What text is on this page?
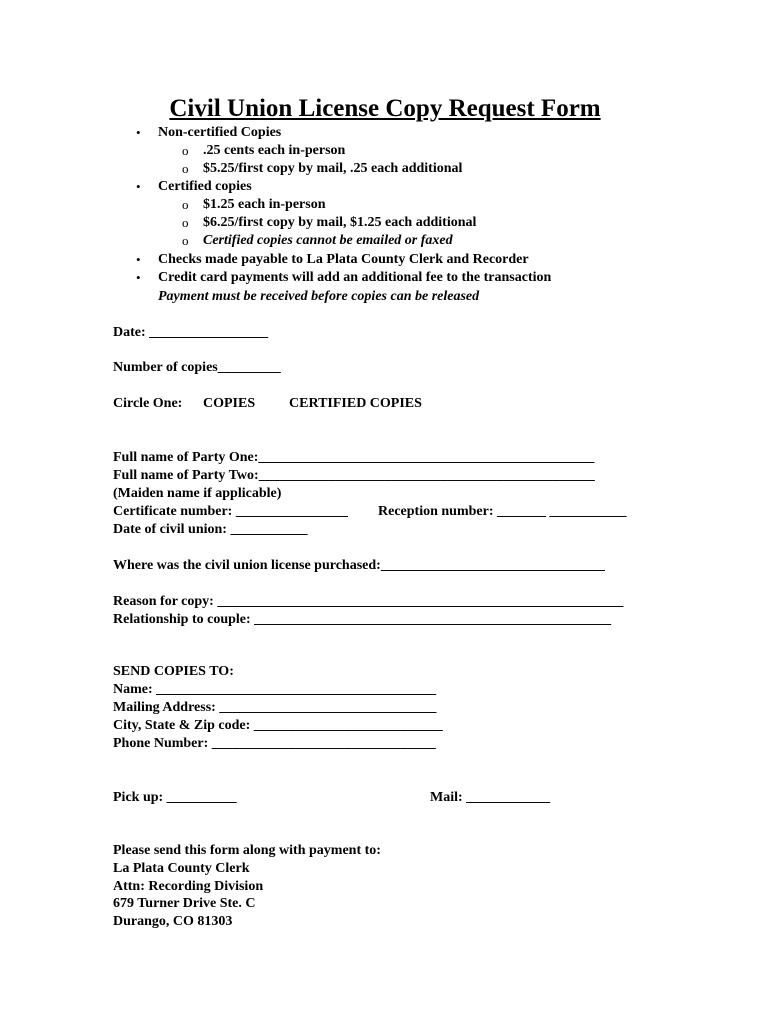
Civil Union License Copy Request Form
• Non-certified Copies
o .25 cents each in-person
o $5.25/first copy by mail, .25 each additional
• Certified copies
o $1.25 each in-person
o $6.25/first copy by mail, $1.25 each additional
o Certified copies cannot be emailed or faxed
• Checks made payable to La Plata County Clerk and Recorder
• Credit card payments will add an additional fee to the transaction
Payment must be received before copies can be released
Date: _________________
Number of copies_________
Circle One: COPIES CERTIFIED COPIES
Full name of Party One:________________________________________________
Full name of Party Two:________________________________________________
(Maiden name if applicable)
Certificate number: ________________ Reception number: _______ ___________
Date of civil union: ___________
Where was the civil union license purchased:________________________________
Reason for copy: __________________________________________________________
Relationship to couple: ___________________________________________________
SEND COPIES TO:
Name: ________________________________________
Mailing Address: _______________________________
City, State & Zip code: ___________________________
Phone Number: ________________________________
Pick up: __________	Mail: ____________
Please send this form along with payment to:
La Plata County Clerk
Attn: Recording Division
679 Turner Drive Ste. C
Durango, CO 81303
